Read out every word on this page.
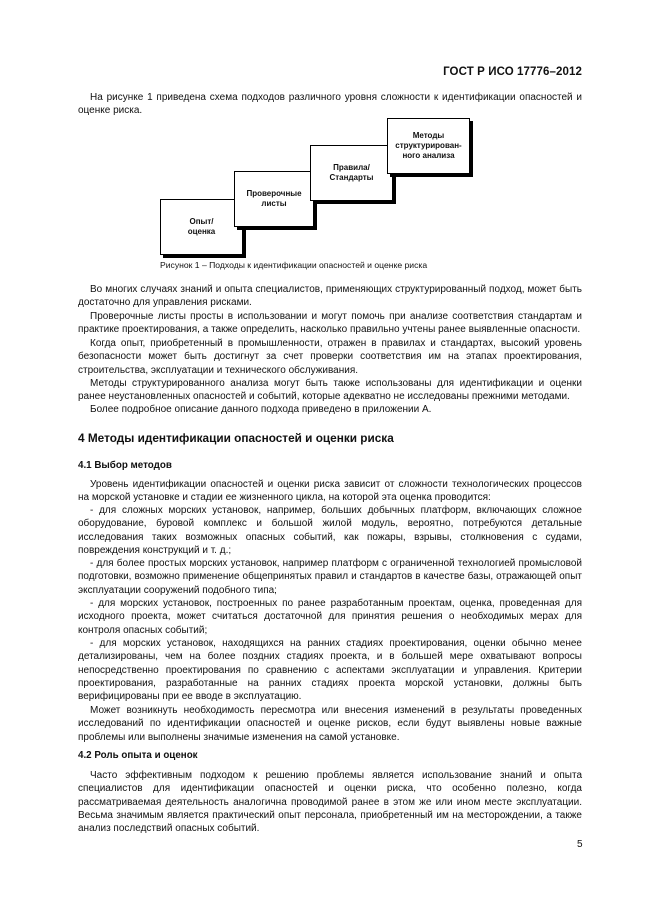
ГОСТ Р ИСО 17776–2012

На рисунке 1 приведена схема подходов различного уровня сложности к идентификации опасностей и оценке риска.

Опыт/
оценка
Проверочные
листы
Правила/
Стандарты
Методы
структурирован-
ного анализа
Рисунок 1 – Подходы к идентификации опасностей и оценке риска

Во многих случаях знаний и опыта специалистов, применяющих структурированный подход, может быть достаточно для управления рисками.

Проверочные листы просты в использовании и могут помочь при анализе соответствия стандартам и практике проектирования, а также определить, насколько правильно учтены ранее выявленные опасности.

Когда опыт, приобретенный в промышленности, отражен в правилах и стандартах, высокий уровень безопасности может быть достигнут за счет проверки соответствия им на этапах проектирования, строительства, эксплуатации и технического обслуживания.

Методы структурированного анализа могут быть также использованы для идентификации и оценки ранее неустановленных опасностей и событий, которые адекватно не исследованы прежними методами.

Более подробное описание данного подхода приведено в приложении А.

4 Методы идентификации опасностей и оценки риска
4.1 Выбор методов

Уровень идентификации опасностей и оценки риска зависит от сложности технологических процессов на морской установке и стадии ее жизненного цикла, на которой эта оценка проводится:

- для сложных морских установок, например, больших добычных платформ, включающих сложное оборудование, буровой комплекс и большой жилой модуль, вероятно, потребуются детальные исследования таких возможных опасных событий, как пожары, взрывы, столкновения с судами, повреждения конструкций и т. д.;

- для более простых морских установок, например платформ с ограниченной технологией промысловой подготовки, возможно применение общепринятых правил и стандартов в качестве базы, отражающей опыт эксплуатации сооружений подобного типа;

- для морских установок, построенных по ранее разработанным проектам, оценка, проведенная для исходного проекта, может считаться достаточной для принятия решения о необходимых мерах для контроля опасных событий;

- для морских установок, находящихся на ранних стадиях проектирования, оценки обычно менее детализированы, чем на более поздних стадиях проекта, и в большей мере охватывают вопросы непосредственно проектирования по сравнению с аспектами эксплуатации и управления. Критерии проектирования, разработанные на ранних стадиях проекта морской установки, должны быть верифицированы при ее вводе в эксплуатацию.

Может возникнуть необходимость пересмотра или внесения изменений в результаты проведенных исследований по идентификации опасностей и оценке рисков, если будут выявлены новые важные проблемы или выполнены значимые изменения на самой установке.

4.2 Роль опыта и оценок

Часто эффективным подходом к решению проблемы является использование знаний и опыта специалистов для идентификации опасностей и оценки риска, что особенно полезно, когда рассматриваемая деятельность аналогична проводимой ранее в этом же или ином месте эксплуатации. Весьма значимым является практический опыт персонала, приобретенный им на месторождении, а также анализ последствий опасных событий.

5
